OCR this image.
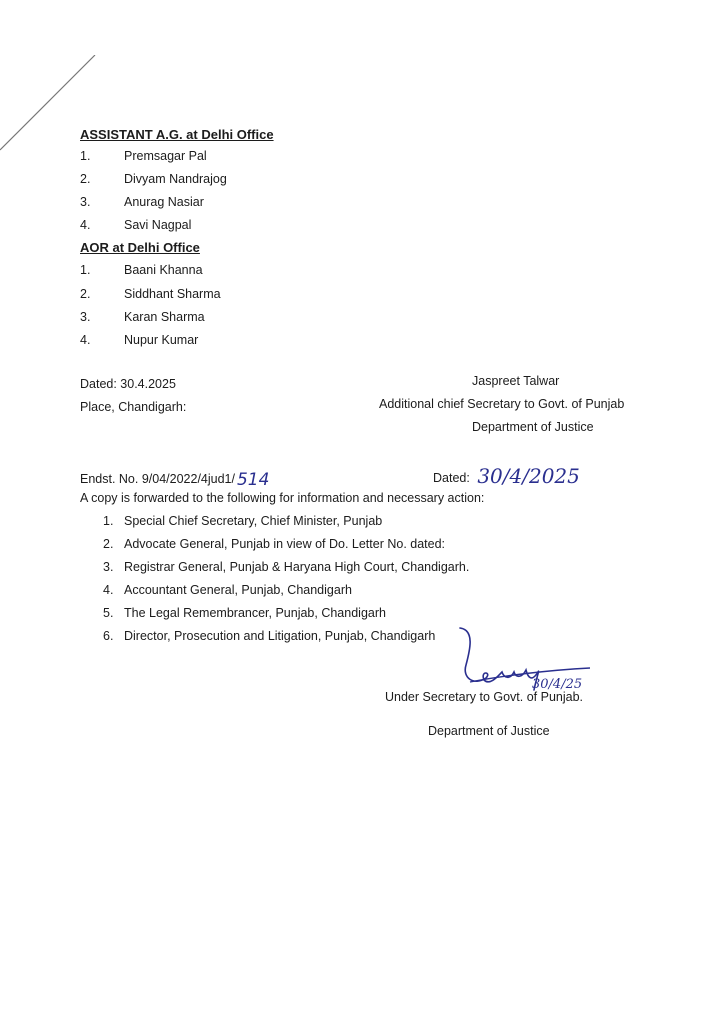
ASSISTANT A.G. at Delhi Office
1.	Premsagar Pal
2.	Divyam Nandrajog
3.	Anurag Nasiar
4.	Savi Nagpal
AOR at Delhi Office
1.	Baani Khanna
2.	Siddhant Sharma
3.	Karan Sharma
4.	Nupur Kumar
Dated: 30.4.2025
Place, Chandigarh:
Jaspreet Talwar
Additional chief Secretary to Govt. of Punjab
Department of Justice
Endst. No. 9/04/2022/4jud1/ 514	Dated: 30/4/2025
A copy is forwarded to the following for information and necessary action:
1. Special Chief Secretary, Chief Minister, Punjab
2. Advocate General, Punjab in view of Do. Letter No. dated:
3. Registrar General, Punjab & Haryana High Court, Chandigarh.
4. Accountant General, Punjab, Chandigarh
5. The Legal Remembrancer, Punjab, Chandigarh
6. Director, Prosecution and Litigation, Punjab, Chandigarh
30/4/25
Under Secretary to Govt. of Punjab.
Department of Justice
